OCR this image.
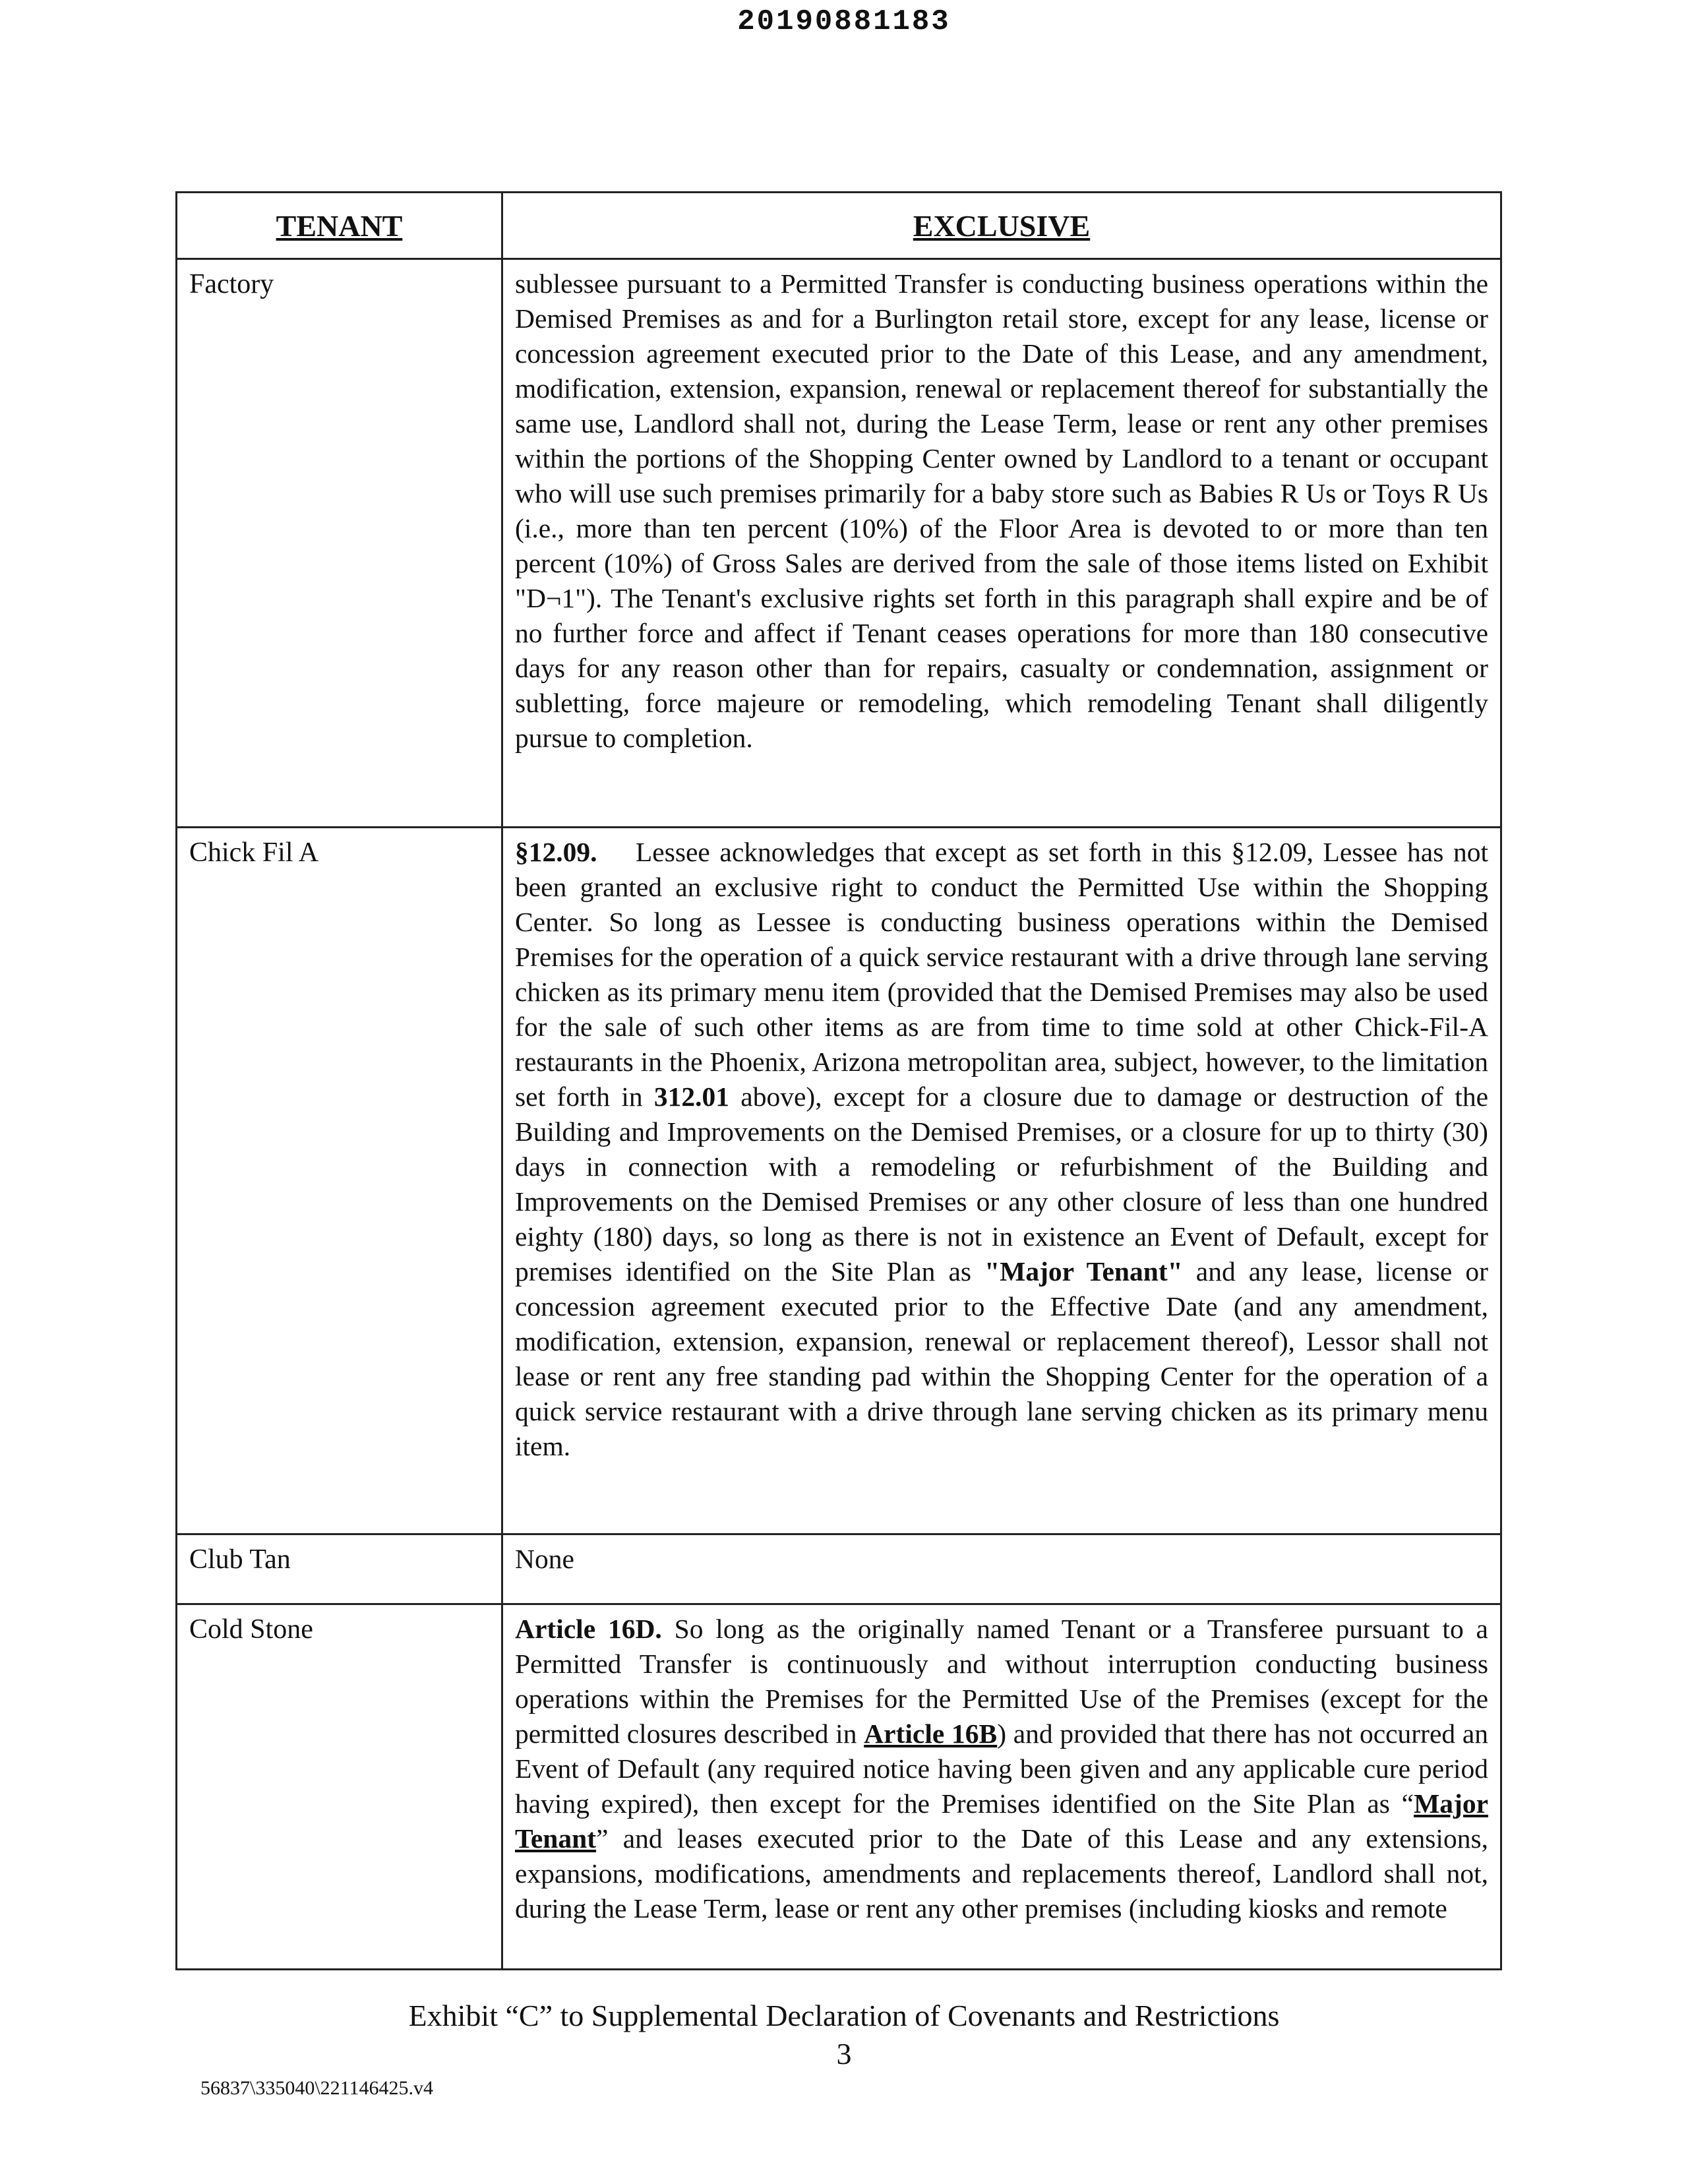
20190881183
TENANT	EXCLUSIVE
Factory	sublessee pursuant to a Permitted Transfer is conducting business operations within the Demised Premises as and for a Burlington retail store, except for any lease, license or concession agreement executed prior to the Date of this Lease, and any amendment, modification, extension, expansion, renewal or replacement thereof for substantially the same use, Landlord shall not, during the Lease Term, lease or rent any other premises within the portions of the Shopping Center owned by Landlord to a tenant or occupant who will use such premises primarily for a baby store such as Babies R Us or Toys R Us (i.e., more than ten percent (10%) of the Floor Area is devoted to or more than ten percent (10%) of Gross Sales are derived from the sale of those items listed on Exhibit "D¬1"). The Tenant's exclusive rights set forth in this paragraph shall expire and be of no further force and affect if Tenant ceases operations for more than 180 consecutive days for any reason other than for repairs, casualty or condemnation, assignment or subletting, force majeure or remodeling, which remodeling Tenant shall diligently pursue to completion.
Chick Fil A	§12.09. Lessee acknowledges that except as set forth in this §12.09, Lessee has not been granted an exclusive right to conduct the Permitted Use within the Shopping Center. So long as Lessee is conducting business operations within the Demised Premises for the operation of a quick service restaurant with a drive through lane serving chicken as its primary menu item (provided that the Demised Premises may also be used for the sale of such other items as are from time to time sold at other Chick-Fil-A restaurants in the Phoenix, Arizona metropolitan area, subject, however, to the limitation set forth in 312.01 above), except for a closure due to damage or destruction of the Building and Improvements on the Demised Premises, or a closure for up to thirty (30) days in connection with a remodeling or refurbishment of the Building and Improvements on the Demised Premises or any other closure of less than one hundred eighty (180) days, so long as there is not in existence an Event of Default, except for premises identified on the Site Plan as "Major Tenant" and any lease, license or concession agreement executed prior to the Effective Date (and any amendment, modification, extension, expansion, renewal or replacement thereof), Lessor shall not lease or rent any free standing pad within the Shopping Center for the operation of a quick service restaurant with a drive through lane serving chicken as its primary menu item.
Club Tan	None
Cold Stone	Article 16D. So long as the originally named Tenant or a Transferee pursuant to a Permitted Transfer is continuously and without interruption conducting business operations within the Premises for the Permitted Use of the Premises (except for the permitted closures described in Article 16B) and provided that there has not occurred an Event of Default (any required notice having been given and any applicable cure period having expired), then except for the Premises identified on the Site Plan as “Major Tenant” and leases executed prior to the Date of this Lease and any extensions, expansions, modifications, amendments and replacements thereof, Landlord shall not, during the Lease Term, lease or rent any other premises (including kiosks and remote
Exhibit “C” to Supplemental Declaration of Covenants and Restrictions
3
56837\335040\221146425.v4
